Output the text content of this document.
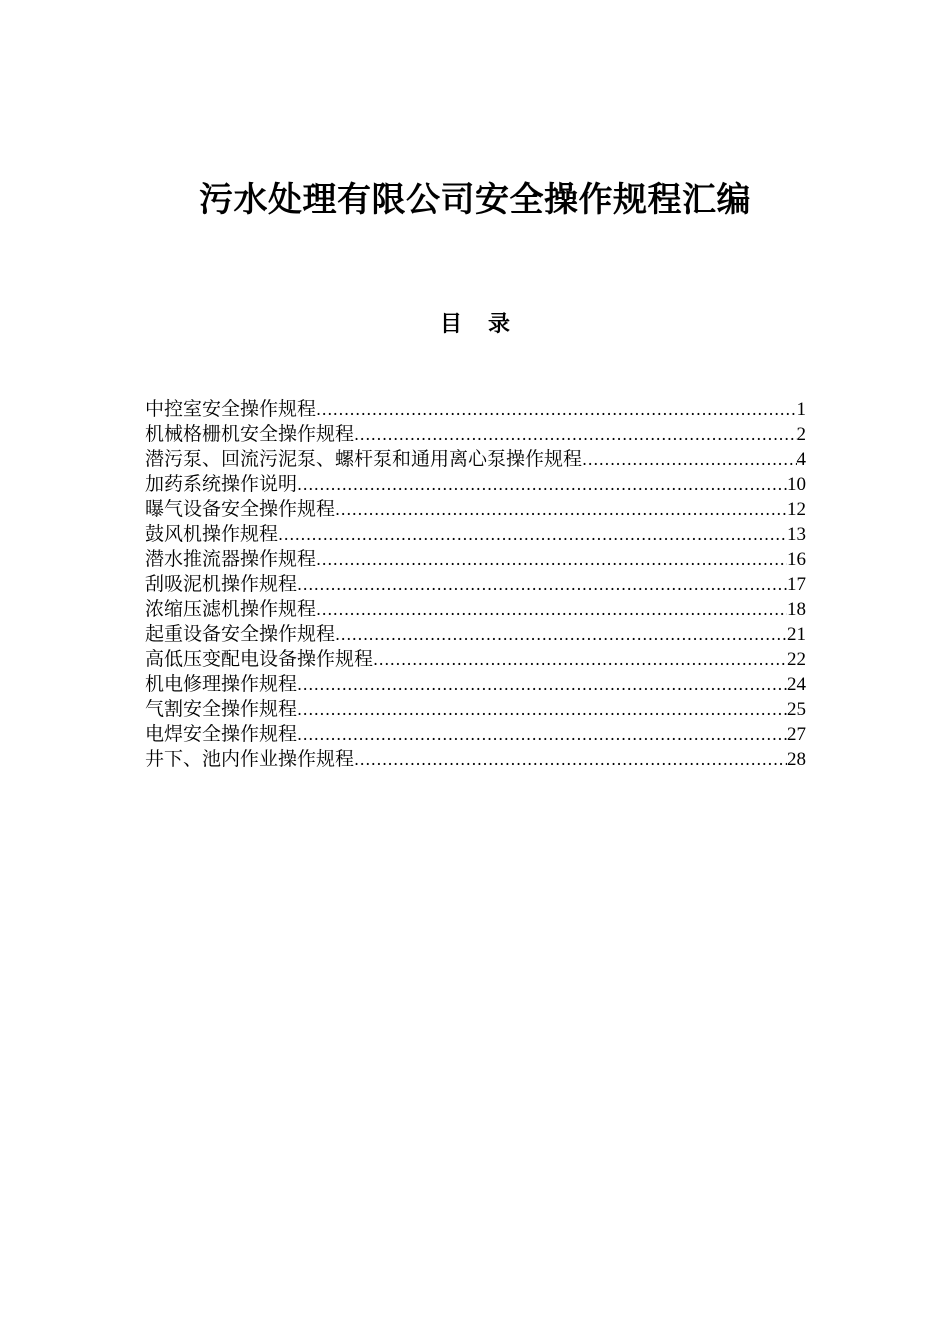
污水处理有限公司安全操作规程汇编
目 录
中控室安全操作规程 .....	1
机械格栅机安全操作规程 .....	2
潜污泵、回流污泥泵、螺杆泵和通用离心泵操作规程 .....	4
加药系统操作说明 .....	10
曝气设备安全操作规程 .....	12
鼓风机操作规程 .....	13
潜水推流器操作规程 .....	16
刮吸泥机操作规程 .....	17
浓缩压滤机操作规程 .....	18
起重设备安全操作规程 .....	21
高低压变配电设备操作规程 .....	22
机电修理操作规程 .....	24
气割安全操作规程 .....	25
电焊安全操作规程 .....	27
井下、池内作业操作规程 .....	28
